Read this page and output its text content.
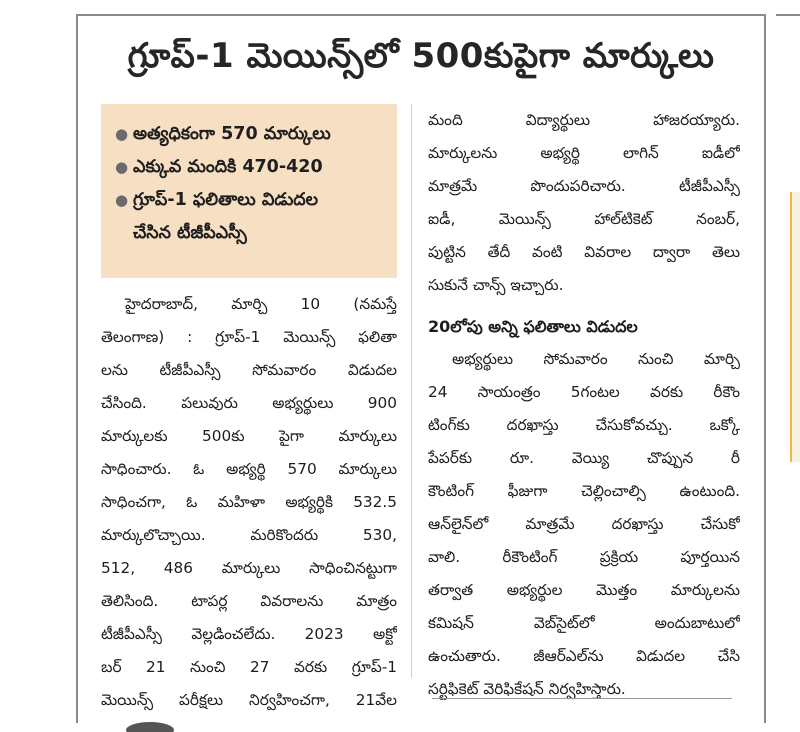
గ్రూప్-1 మెయిన్స్‌లో 500కుపైగా మార్కులు
● అత్యధికంగా 570 మార్కులు
● ఎక్కువ మందికి 470-420
● గ్రూప్-1 ఫలితాలు విడుదల
చేసిన టీజీపీఎస్సీ

హైదరాబాద్, మార్చి 10 (నమస్తే

తెలంగాణ) : గ్రూప్-1 మెయిన్స్ ఫలితా

లను టీజీపీఎస్సీ సోమవారం విడుదల

చేసింది. పలువురు అభ్యర్థులు 900

మార్కులకు 500కు పైగా మార్కులు

సాధించారు. ఓ అభ్యర్థి 570 మార్కులు

సాధించగా, ఓ మహిళా అభ్యర్థికి 532.5

మార్కులొచ్చాయి. మరికొందరు 530,

512, 486 మార్కులు సాధించినట్టుగా

తెలిసింది. టాపర్ల వివరాలను మాత్రం

టీజీపీఎస్సీ వెల్లడించలేదు. 2023 అక్టో

బర్ 21 నుంచి 27 వరకు గ్రూప్-1

మెయిన్స్ పరీక్షలు నిర్వహించగా, 21వేల

మంది విద్యార్థులు హాజరయ్యారు.

మార్కులను అభ్యర్థి లాగిన్ ఐడీలో

మాత్రమే పొందుపరిచారు. టీజీపీఎస్సీ

ఐడీ, మెయిన్స్ హాల్‌టికెట్ నంబర్,

పుట్టిన తేదీ వంటి వివరాల ద్వారా తెలు

సుకునే చాన్స్ ఇచ్చారు.

20లోపు అన్ని ఫలితాలు విడుదల

అభ్యర్థులు సోమవారం నుంచి మార్చి

24 సాయంత్రం 5గంటల వరకు రీకౌం

టింగ్‌కు దరఖాస్తు చేసుకోవచ్చు. ఒక్కో

పేపర్‌కు రూ. వెయ్యి చొప్పున రీ

కౌంటింగ్ ఫీజుగా చెల్లించాల్సి ఉంటుంది.

ఆన్‌లైన్‌లో మాత్రమే దరఖాస్తు చేసుకో

వాలి. రీకౌంటింగ్ ప్రక్రియ పూర్తయిన

తర్వాత అభ్యర్థుల మొత్తం మార్కులను

కమిషన్ వెబ్‌సైట్‌లో అందుబాటులో

ఉంచుతారు. జీఆర్ఎల్‌ను విడుదల చేసి

సర్టిఫికెట్ వెరిఫికేషన్ నిర్వహిస్తారు.
